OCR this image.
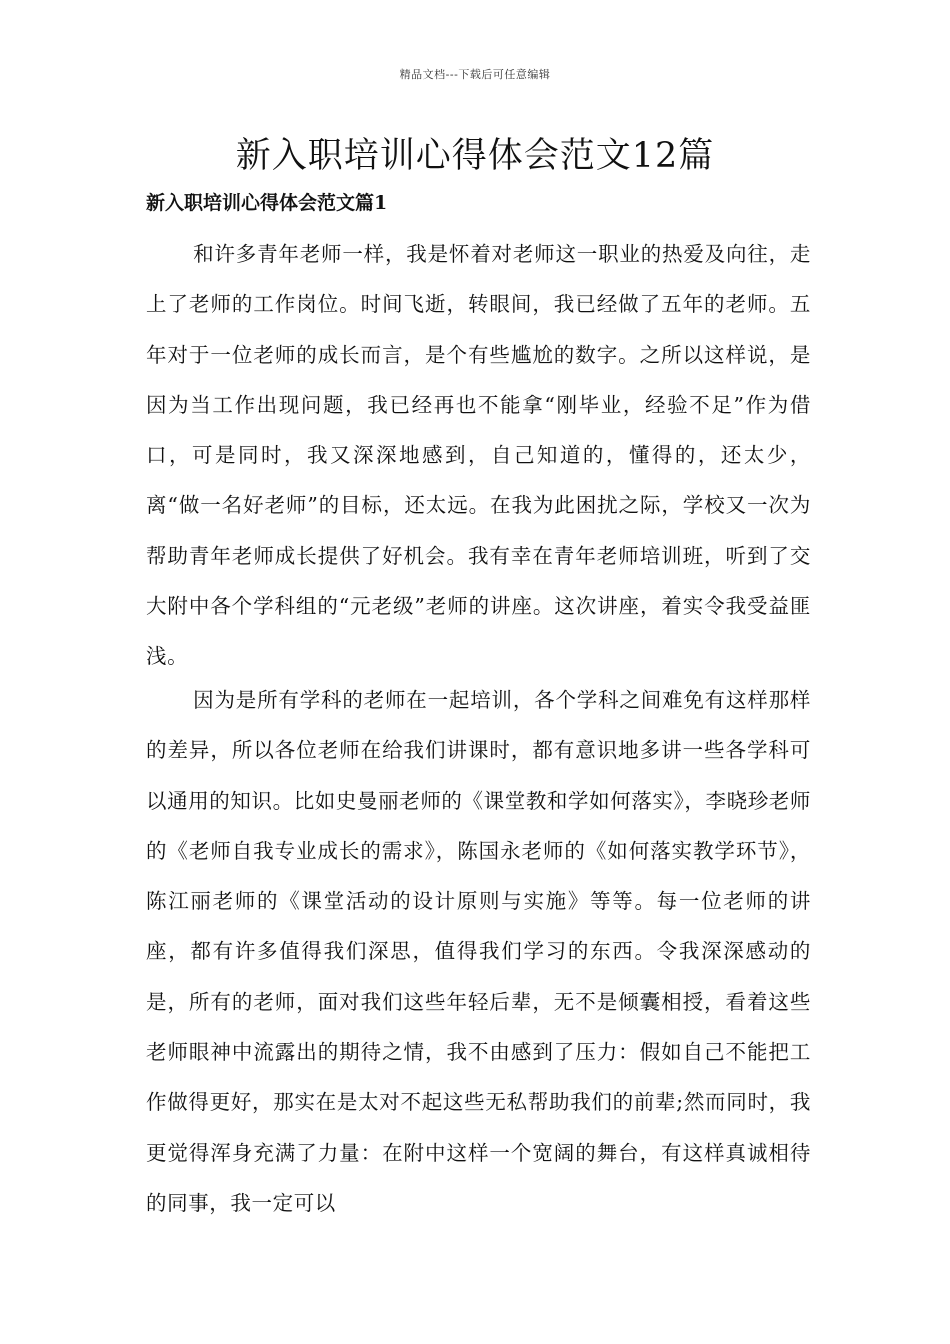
精品文档---下载后可任意编辑
新入职培训心得体会范文12篇
新入职培训心得体会范文篇1

和许多青年老师一样，我是怀着对老师这一职业的热爱及向往，走上了老师的工作岗位。时间飞逝，转眼间，我已经做了五年的老师。五年对于一位老师的成长而言，是个有些尴尬的数字。之所以这样说，是因为当工作出现问题，我已经再也不能拿“刚毕业，经验不足”作为借口，可是同时，我又深深地感到，自己知道的，懂得的，还太少，离“做一名好老师”的目标，还太远。在我为此困扰之际，学校又一次为帮助青年老师成长提供了好机会。我有幸在青年老师培训班，听到了交大附中各个学科组的“元老级”老师的讲座。这次讲座，着实令我受益匪浅。

因为是所有学科的老师在一起培训，各个学科之间难免有这样那样的差异，所以各位老师在给我们讲课时，都有意识地多讲一些各学科可以通用的知识。比如史曼丽老师的《课堂教和学如何落实》，李晓珍老师的《老师自我专业成长的需求》，陈国永老师的《如何落实教学环节》，陈江丽老师的《课堂活动的设计原则与实施》等等。每一位老师的讲座，都有许多值得我们深思，值得我们学习的东西。令我深深感动的是，所有的老师，面对我们这些年轻后辈，无不是倾囊相授，看着这些老师眼神中流露出的期待之情，我不由感到了压力：假如自己不能把工作做得更好，那实在是太对不起这些无私帮助我们的前辈;然而同时，我更觉得浑身充满了力量：在附中这样一个宽阔的舞台，有这样真诚相待的同事，我一定可以
